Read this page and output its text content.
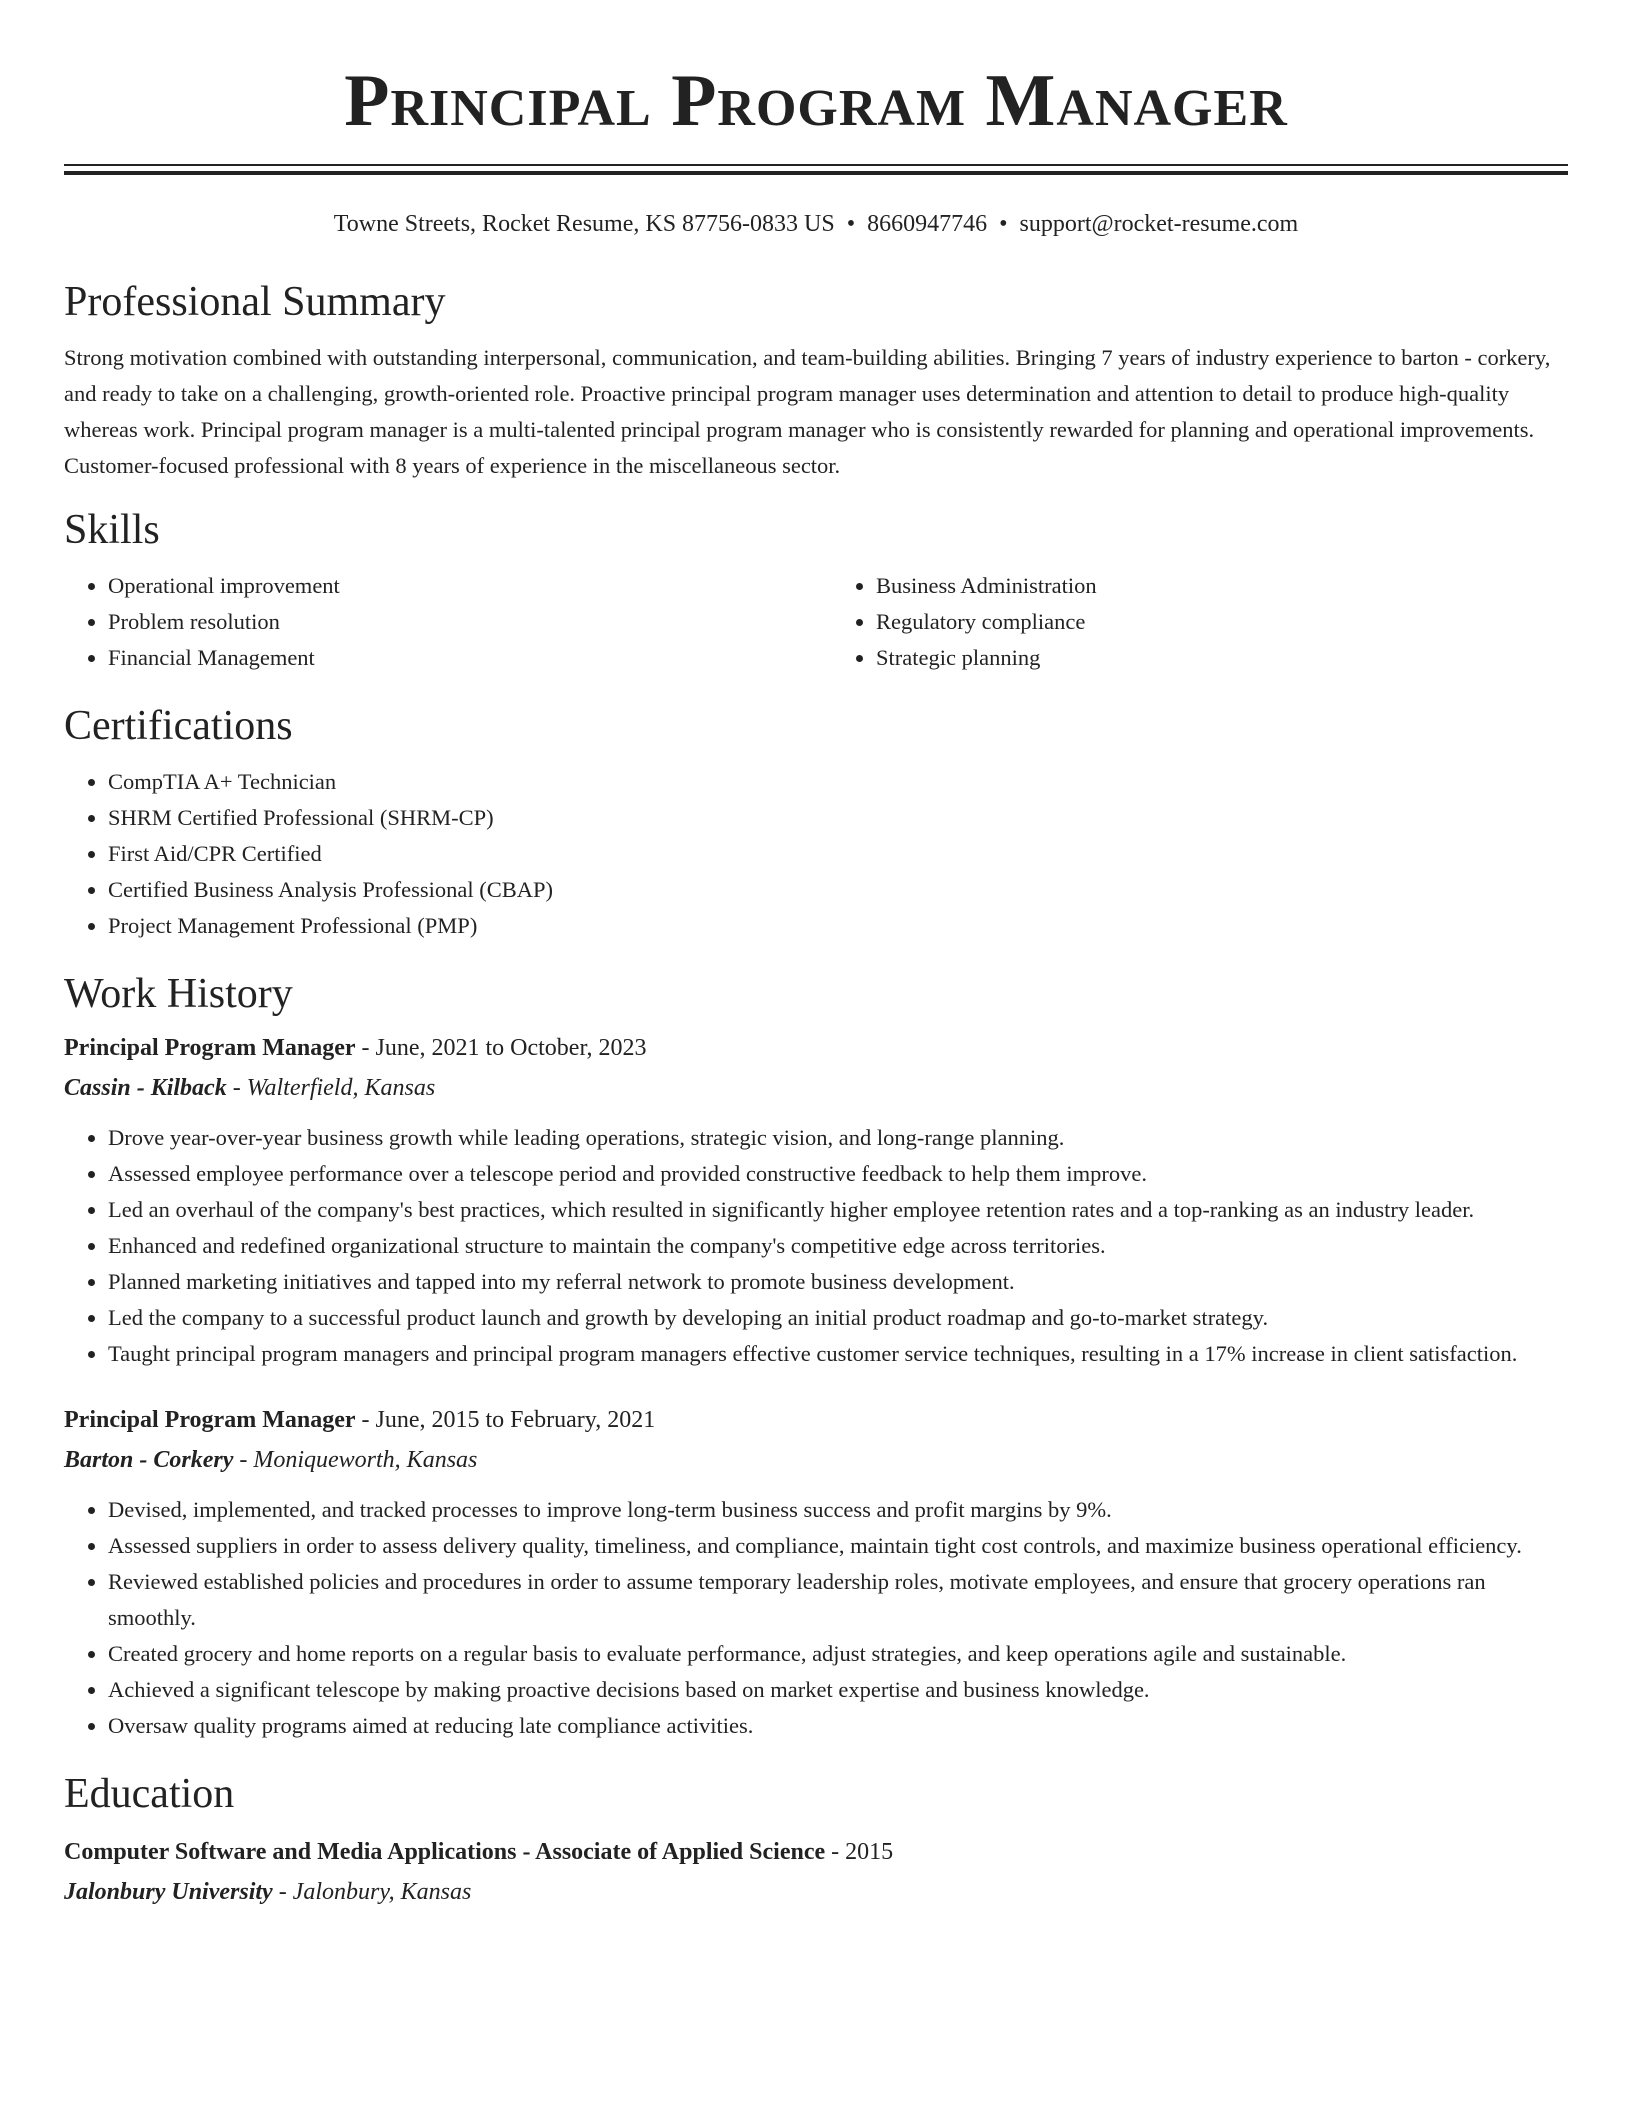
Principal Program Manager
Towne Streets, Rocket Resume, KS 87756-0833 US • 8660947746 • support@rocket-resume.com
Professional Summary

Strong motivation combined with outstanding interpersonal, communication, and team-building abilities. Bringing 7 years of industry experience to barton - corkery, and ready to take on a challenging, growth-oriented role. Proactive principal program manager uses determination and attention to detail to produce high-quality whereas work. Principal program manager is a multi-talented principal program manager who is consistently rewarded for planning and operational improvements. Customer-focused professional with 8 years of experience in the miscellaneous sector.

Skills
• Operational improvement
• Problem resolution
• Financial Management
• Business Administration
• Regulatory compliance
• Strategic planning
Certifications
• CompTIA A+ Technician
• SHRM Certified Professional (SHRM-CP)
• First Aid/CPR Certified
• Certified Business Analysis Professional (CBAP)
• Project Management Professional (PMP)
Work History

Principal Program Manager - June, 2021 to October, 2023

Cassin - Kilback - Walterfield, Kansas

• Drove year-over-year business growth while leading operations, strategic vision, and long-range planning.
• Assessed employee performance over a telescope period and provided constructive feedback to help them improve.
• Led an overhaul of the company's best practices, which resulted in significantly higher employee retention rates and a top-ranking as an industry leader.
• Enhanced and redefined organizational structure to maintain the company's competitive edge across territories.
• Planned marketing initiatives and tapped into my referral network to promote business development.
• Led the company to a successful product launch and growth by developing an initial product roadmap and go-to-market strategy.
• Taught principal program managers and principal program managers effective customer service techniques, resulting in a 17% increase in client satisfaction.

Principal Program Manager - June, 2015 to February, 2021

Barton - Corkery - Moniqueworth, Kansas

• Devised, implemented, and tracked processes to improve long-term business success and profit margins by 9%.
• Assessed suppliers in order to assess delivery quality, timeliness, and compliance, maintain tight cost controls, and maximize business operational efficiency.
• Reviewed established policies and procedures in order to assume temporary leadership roles, motivate employees, and ensure that grocery operations ran smoothly.
• Created grocery and home reports on a regular basis to evaluate performance, adjust strategies, and keep operations agile and sustainable.
• Achieved a significant telescope by making proactive decisions based on market expertise and business knowledge.
• Oversaw quality programs aimed at reducing late compliance activities.
Education

Computer Software and Media Applications - Associate of Applied Science - 2015

Jalonbury University - Jalonbury, Kansas
